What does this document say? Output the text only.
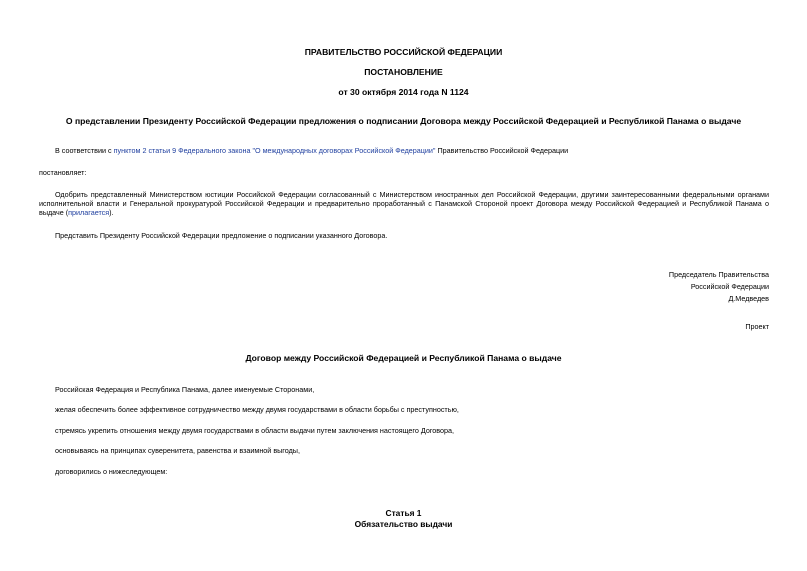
ПРАВИТЕЛЬСТВО РОССИЙСКОЙ ФЕДЕРАЦИИ
ПОСТАНОВЛЕНИЕ
от 30 октября 2014 года N 1124
О представлении Президенту Российской Федерации предложения о подписании Договора между Российской Федерацией и Республикой Панама о выдаче
В соответствии с пунктом 2 статьи 9 Федерального закона "О международных договорах Российской Федерации" Правительство Российской Федерации
постановляет:
Одобрить представленный Министерством юстиции Российской Федерации согласованный с Министерством иностранных дел Российской Федерации, другими заинтересованными федеральными органами исполнительной власти и Генеральной прокуратурой Российской Федерации и предварительно проработанный с Панамской Стороной проект Договора между Российской Федерацией и Республикой Панама о выдаче (прилагается).
Представить Президенту Российской Федерации предложение о подписании указанного Договора.
Председатель Правительства
Российской Федерации
Д.Медведев
Проект
Договор между Российской Федерацией и Республикой Панама о выдаче
Российская Федерация и Республика Панама, далее именуемые Сторонами,
желая обеспечить более эффективное сотрудничество между двумя государствами в области борьбы с преступностью,
стремясь укрепить отношения между двумя государствами в области выдачи путем заключения настоящего Договора,
основываясь на принципах суверенитета, равенства и взаимной выгоды,
договорились о нижеследующем:
Статья 1
Обязательство выдачи
